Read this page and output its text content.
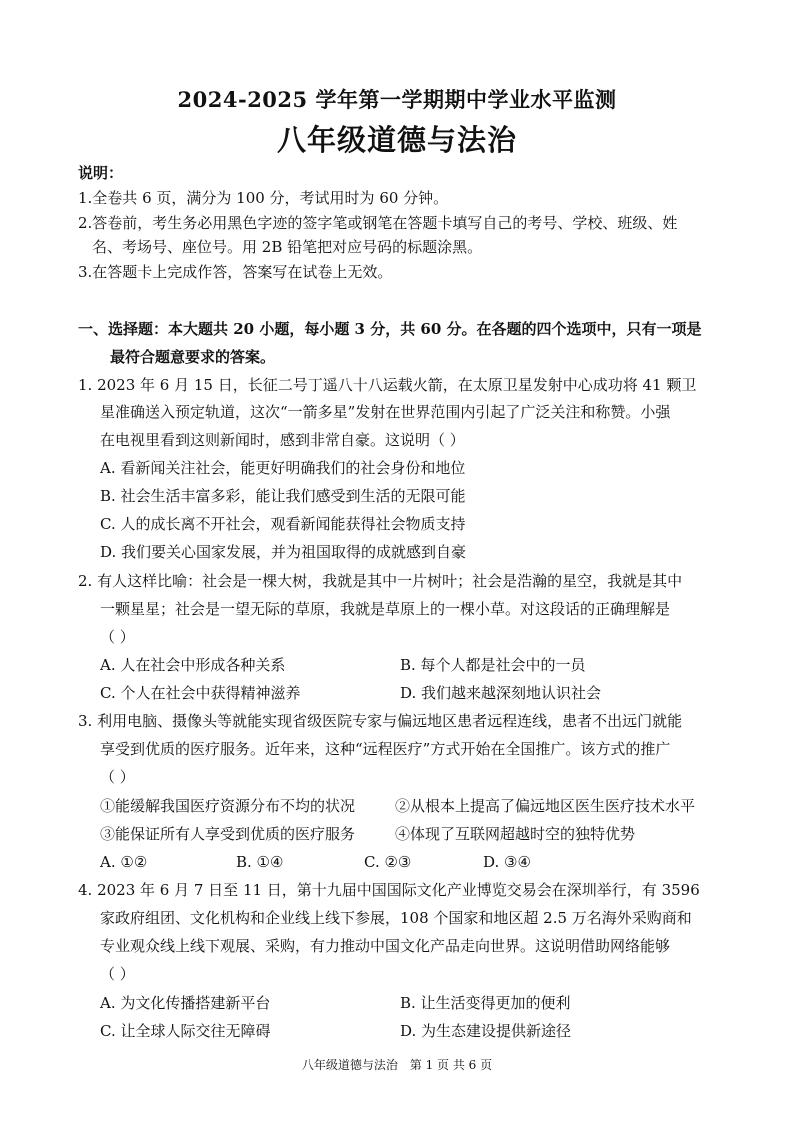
2024-2025 学年第一学期期中学业水平监测
八年级道德与法治
说明：
1.全卷共 6 页，满分为 100 分，考试用时为 60 分钟。
2.答卷前，考生务必用黑色字迹的签字笔或钢笔在答题卡填写自己的考号、学校、班级、姓
名、考场号、座位号。用 2B 铅笔把对应号码的标题涂黑。
3.在答题卡上完成作答，答案写在试卷上无效。
一、选择题：本大题共 20 小题，每小题 3 分，共 60 分。在各题的四个选项中，只有一项是
最符合题意要求的答案。
1. 2023 年 6 月 15 日，长征二号丁遥八十八运载火箭，在太原卫星发射中心成功将 41 颗卫
星准确送入预定轨道，这次“一箭多星”发射在世界范围内引起了广泛关注和称赞。小强
在电视里看到这则新闻时，感到非常自豪。这说明（ ）
A. 看新闻关注社会，能更好明确我们的社会身份和地位
B. 社会生活丰富多彩，能让我们感受到生活的无限可能
C. 人的成长离不开社会，观看新闻能获得社会物质支持
D. 我们要关心国家发展，并为祖国取得的成就感到自豪
2. 有人这样比喻：社会是一棵大树，我就是其中一片树叶；社会是浩瀚的星空，我就是其中
一颗星星；社会是一望无际的草原，我就是草原上的一棵小草。对这段话的正确理解是
（ ）
A. 人在社会中形成各种关系	B. 每个人都是社会中的一员
C. 个人在社会中获得精神滋养	D. 我们越来越深刻地认识社会
3. 利用电脑、摄像头等就能实现省级医院专家与偏远地区患者远程连线，患者不出远门就能
享受到优质的医疗服务。近年来，这种“远程医疗”方式开始在全国推广。该方式的推广
（ ）
①能缓解我国医疗资源分布不均的状况	②从根本上提高了偏远地区医生医疗技术水平
③能保证所有人享受到优质的医疗服务	④体现了互联网超越时空的独特优势
A. ①②	B. ①④	C. ②③	D. ③④
4. 2023 年 6 月 7 日至 11 日，第十九届中国国际文化产业博览交易会在深圳举行，有 3596
家政府组团、文化机构和企业线上线下参展，108 个国家和地区超 2.5 万名海外采购商和
专业观众线上线下观展、采购，有力推动中国文化产品走向世界。这说明借助网络能够
（ ）
A. 为文化传播搭建新平台	B. 让生活变得更加的便利
C. 让全球人际交往无障碍	D. 为生态建设提供新途径
八年级道德与法治 第 1 页 共 6 页
